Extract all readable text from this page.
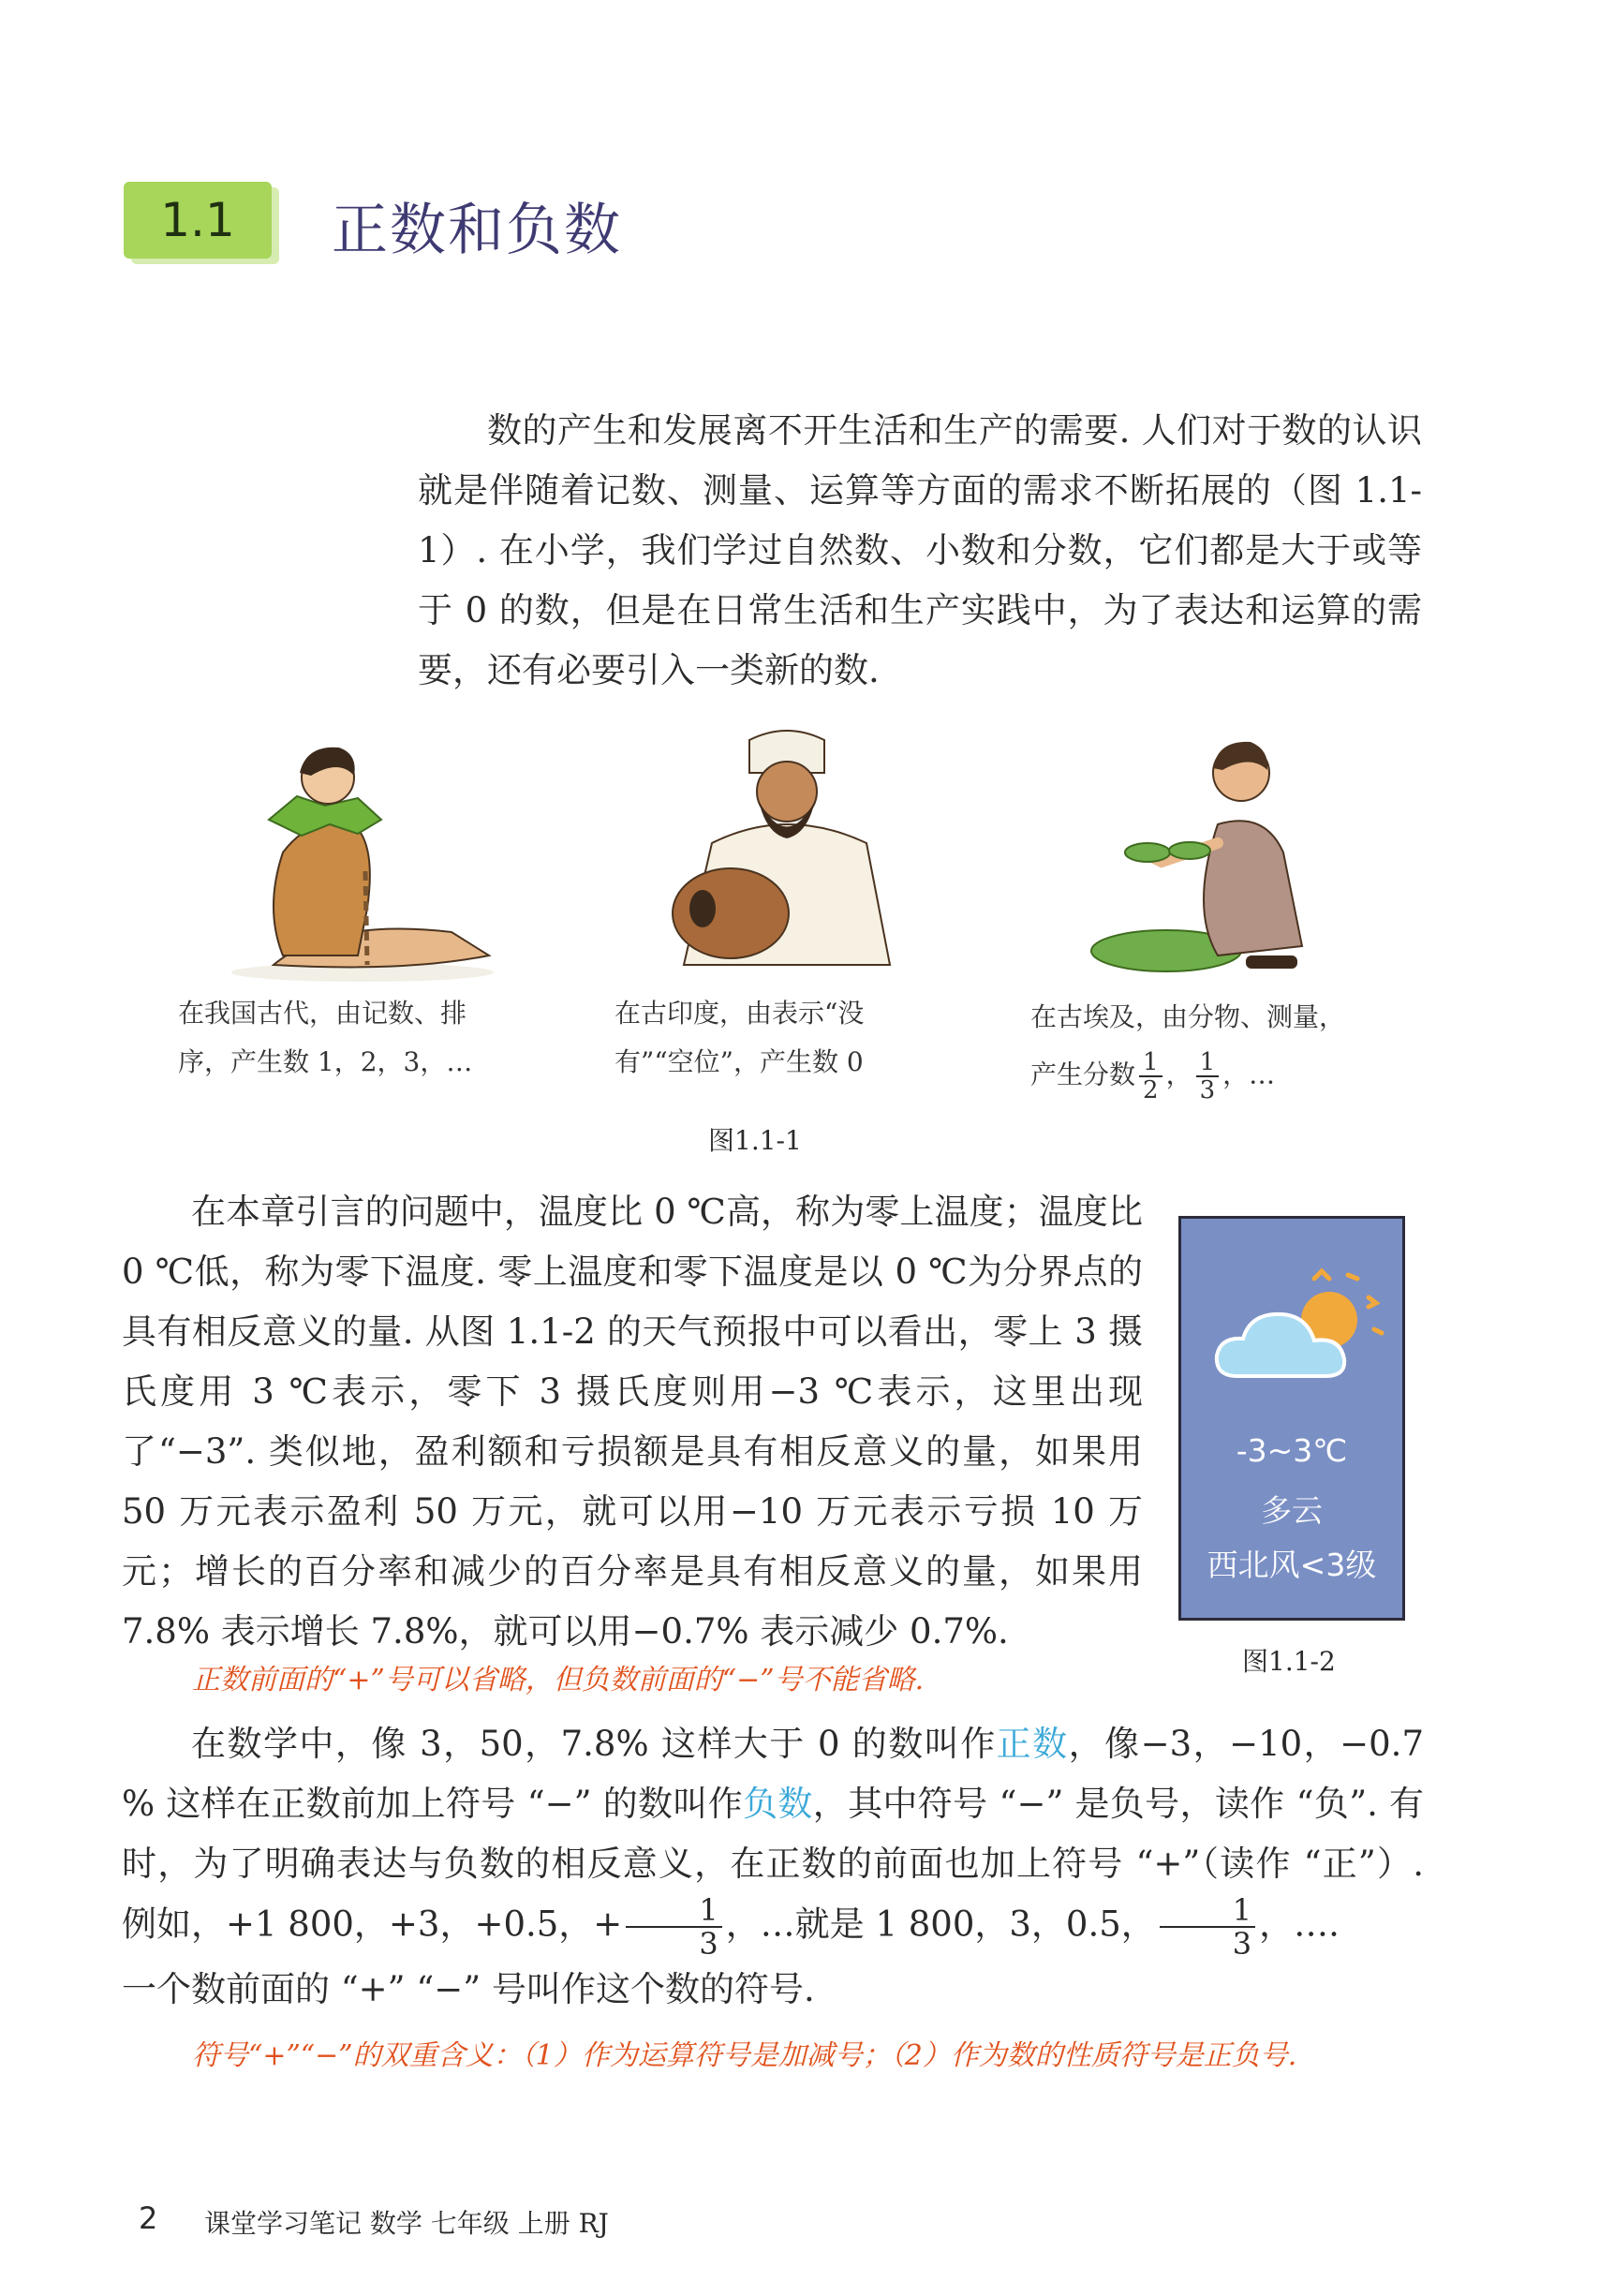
1.1 正数和负数
数的产生和发展离不开生活和生产的需要. 人们对于数的认识就是伴随着记数、测量、运算等方面的需求不断拓展的（图 1.1-1）. 在小学，我们学过自然数、小数和分数，它们都是大于或等于 0 的数，但是在日常生活和生产实践中，为了表达和运算的需要，还有必要引入一类新的数.
在我国古代，由记数、排
序，产生数 1，2，3，…
在古印度，由表示“没
有”“空位”，产生数 0
在古埃及，由分物、测量，
产生分数 $\frac{1}{2}$ ， $\frac{1}{3}$ ，…
图1.1-1
在本章引言的问题中，温度比 0 ℃高，称为零上温度；温度比 0 ℃低，称为零下温度. 零上温度和零下温度是以 0 ℃为分界点的具有相反意义的量. 从图 1.1-2 的天气预报中可以看出，零上 3 摄氏度用 3 ℃表示，零下 3 摄氏度则用−3 ℃表示，这里出现了“−3”. 类似地，盈利额和亏损额是具有相反意义的量，如果用 50 万元表示盈利 50 万元，就可以用−10 万元表示亏损 10 万元；增长的百分率和减少的百分率是具有相反意义的量，如果用 7.8% 表示增长 7.8%，就可以用−0.7% 表示减少 0.7%.
-3~3℃
多云
西北风<3级
图1.1-2
正数前面的“+”号可以省略，但负数前面的“−”号不能省略.

在数学中，像 3，50，7.8% 这样大于 0 的数叫作正数，像−3，−10，−0.7 % 这样在正数前加上符号 “−” 的数叫作负数，其中符号 “−” 是负号，读作 “负”. 有时，为了明确表达与负数的相反意义，在正数的前面也加上符号 “+”（读作 “正”）. 例如，+1 800，+3，+0.5，+ $\frac{1}{3}$ ，…就是 1 800，3，0.5， $\frac{1}{3}$ ，….

一个数前面的 “+” “−” 号叫作这个数的符号.

符号“+”“−”的双重含义：（1）作为运算符号是加减号；（2）作为数的性质符号是正负号.
2 课堂学习笔记 数学 七年级 上册 RJ
